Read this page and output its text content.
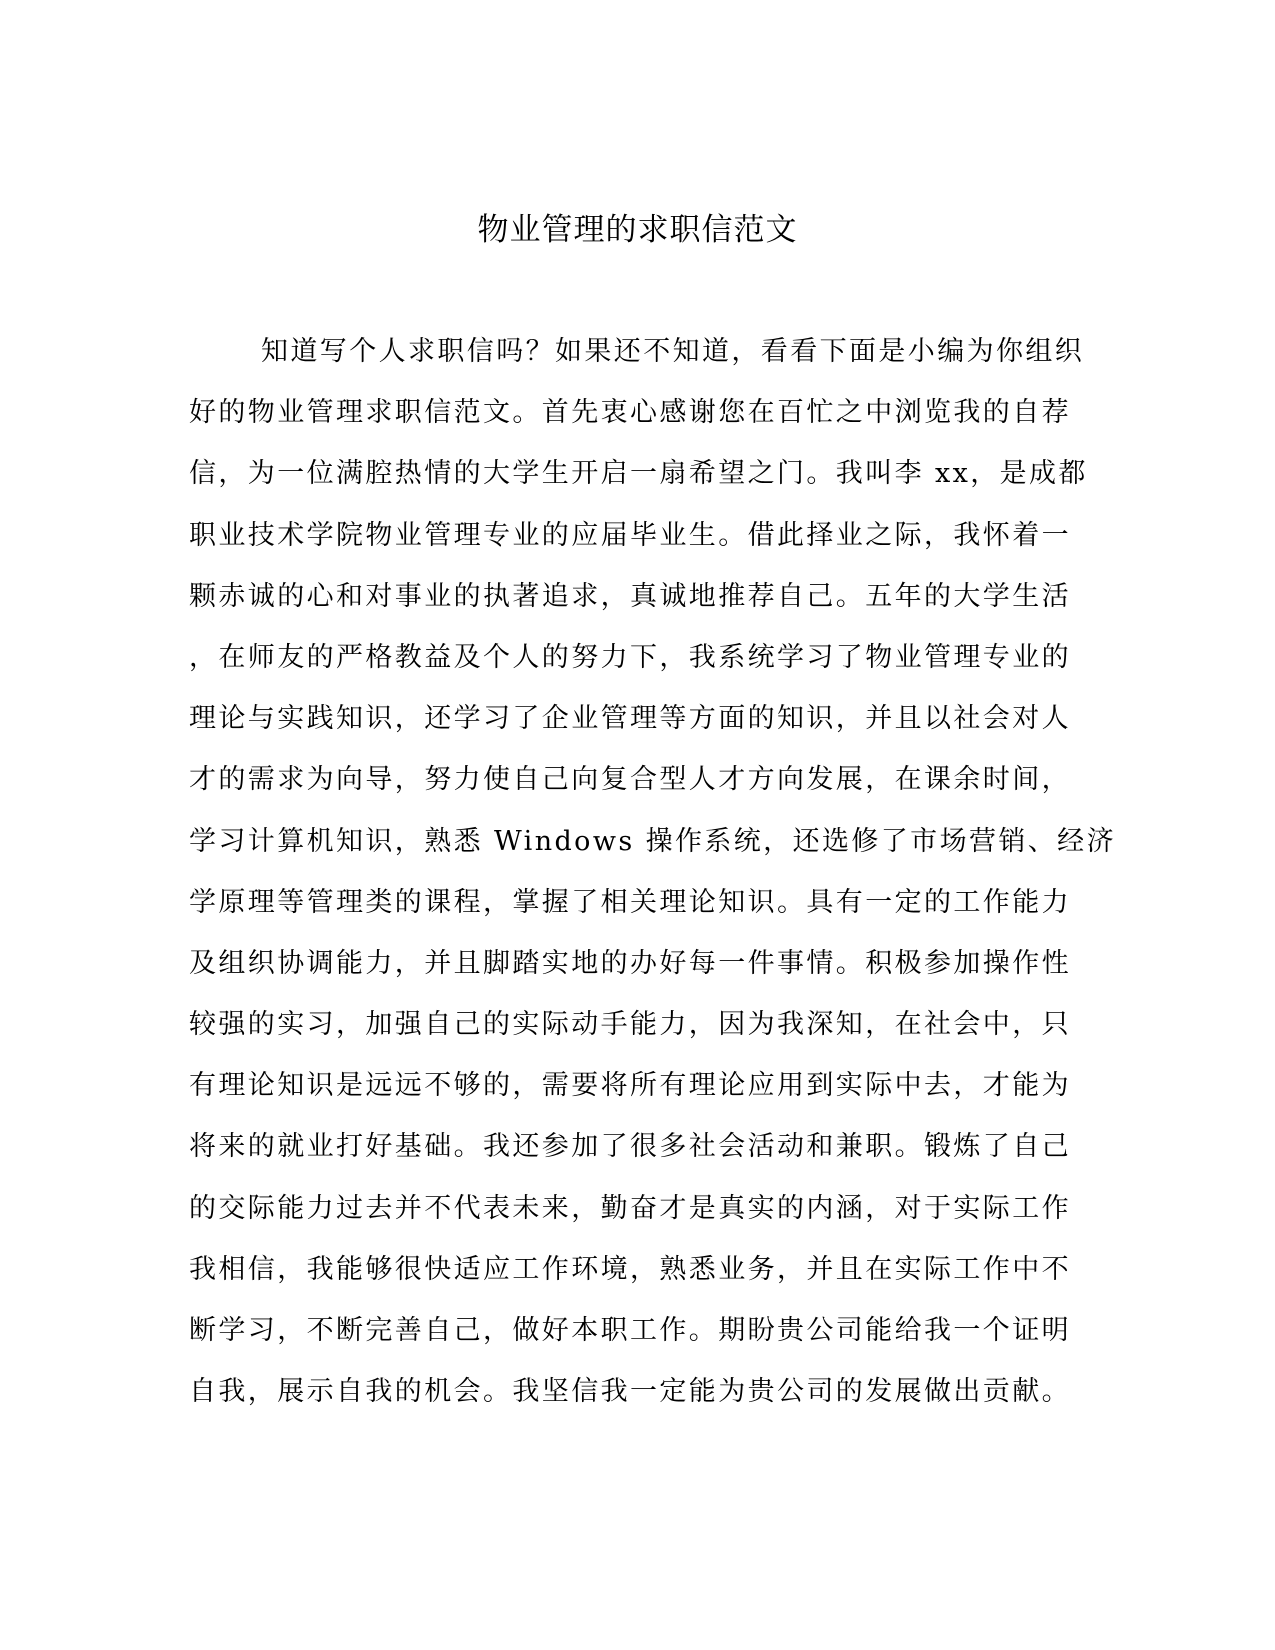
物业管理的求职信范文
知道写个人求职信吗？如果还不知道，看看下面是小编为你组织
好的物业管理求职信范文。首先衷心感谢您在百忙之中浏览我的自荐
信，为一位满腔热情的大学生开启一扇希望之门。我叫李 xx，是成都
职业技术学院物业管理专业的应届毕业生。借此择业之际，我怀着一
颗赤诚的心和对事业的执著追求，真诚地推荐自己。五年的大学生活
，在师友的严格教益及个人的努力下，我系统学习了物业管理专业的
理论与实践知识，还学习了企业管理等方面的知识，并且以社会对人
才的需求为向导，努力使自己向复合型人才方向发展，在课余时间，
学习计算机知识，熟悉 Windows 操作系统，还选修了市场营销、经济
学原理等管理类的课程，掌握了相关理论知识。具有一定的工作能力
及组织协调能力，并且脚踏实地的办好每一件事情。积极参加操作性
较强的实习，加强自己的实际动手能力，因为我深知，在社会中，只
有理论知识是远远不够的，需要将所有理论应用到实际中去，才能为
将来的就业打好基础。我还参加了很多社会活动和兼职。锻炼了自己
的交际能力过去并不代表未来，勤奋才是真实的内涵，对于实际工作
我相信，我能够很快适应工作环境，熟悉业务，并且在实际工作中不
断学习，不断完善自己，做好本职工作。期盼贵公司能给我一个证明
自我，展示自我的机会。我坚信我一定能为贵公司的发展做出贡献。
